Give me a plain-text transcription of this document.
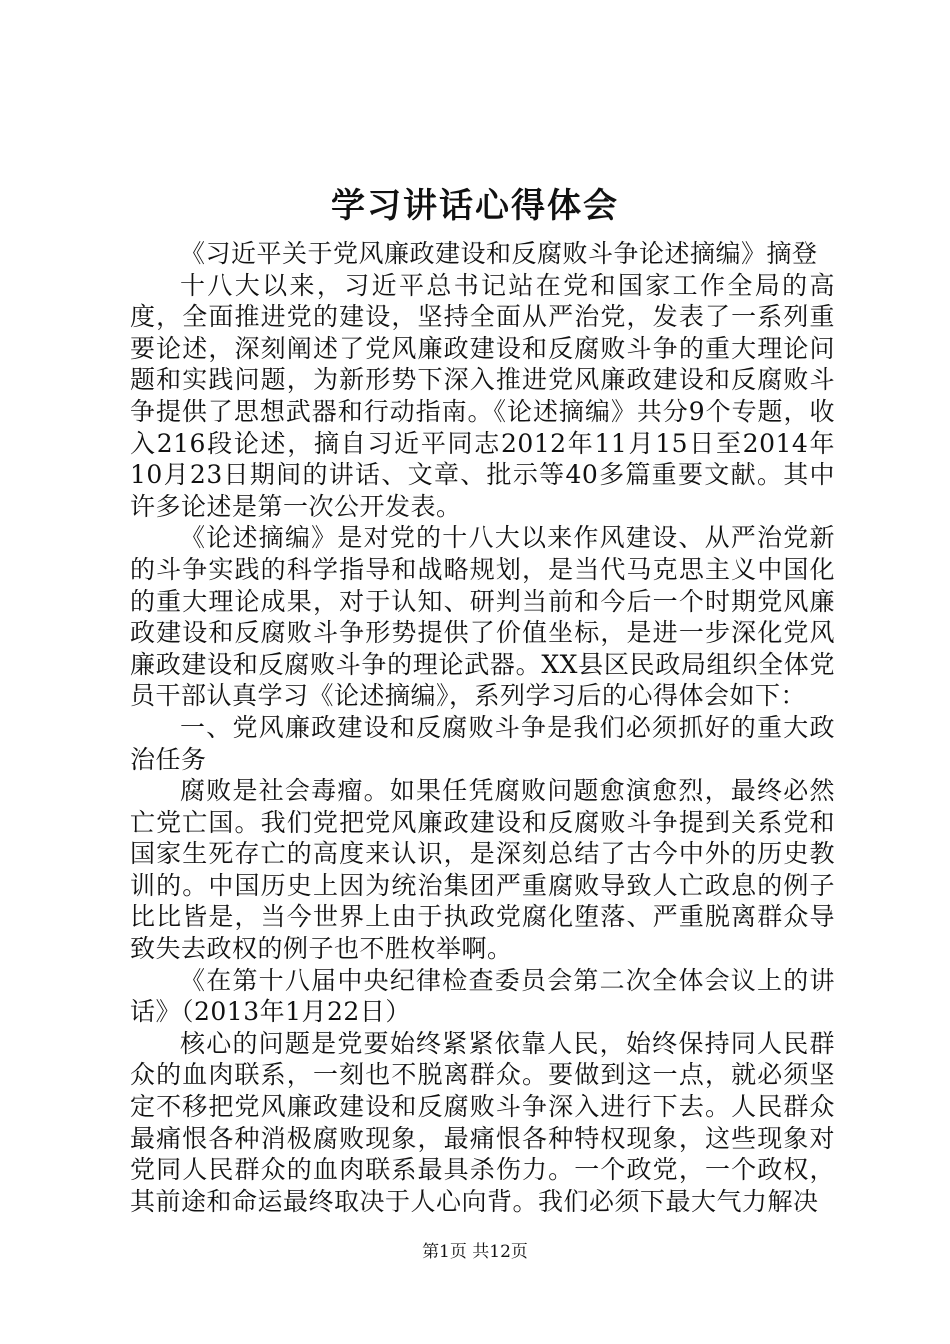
学习讲话心得体会

《习近平关于党风廉政建设和反腐败斗争论述摘编》摘登

十八大以来，习近平总书记站在党和国家工作全局的高度，全面推进党的建设，坚持全面从严治党，发表了一系列重要论述，深刻阐述了党风廉政建设和反腐败斗争的重大理论问题和实践问题，为新形势下深入推进党风廉政建设和反腐败斗争提供了思想武器和行动指南。《论述摘编》共分9个专题，收入216段论述，摘自习近平同志2012年11月15日至2014年10月23日期间的讲话、文章、批示等40多篇重要文献。其中许多论述是第一次公开发表。

《论述摘编》是对党的十八大以来作风建设、从严治党新的斗争实践的科学指导和战略规划，是当代马克思主义中国化的重大理论成果，对于认知、研判当前和今后一个时期党风廉政建设和反腐败斗争形势提供了价值坐标，是进一步深化党风廉政建设和反腐败斗争的理论武器。XX县区民政局组织全体党员干部认真学习《论述摘编》，系列学习后的心得体会如下：

一、党风廉政建设和反腐败斗争是我们必须抓好的重大政治任务

腐败是社会毒瘤。如果任凭腐败问题愈演愈烈，最终必然亡党亡国。我们党把党风廉政建设和反腐败斗争提到关系党和国家生死存亡的高度来认识，是深刻总结了古今中外的历史教训的。中国历史上因为统治集团严重腐败导致人亡政息的例子比比皆是，当今世界上由于执政党腐化堕落、严重脱离群众导致失去政权的例子也不胜枚举啊。

《在第十八届中央纪律检查委员会第二次全体会议上的讲话》（2013年1月22日）

核心的问题是党要始终紧紧依靠人民，始终保持同人民群众的血肉联系，一刻也不脱离群众。要做到这一点，就必须坚定不移把党风廉政建设和反腐败斗争深入进行下去。人民群众最痛恨各种消极腐败现象，最痛恨各种特权现象，这些现象对党同人民群众的血肉联系最具杀伤力。一个政党，一个政权，其前途和命运最终取决于人心向背。我们必须下最大气力解决

第1页 共12页
